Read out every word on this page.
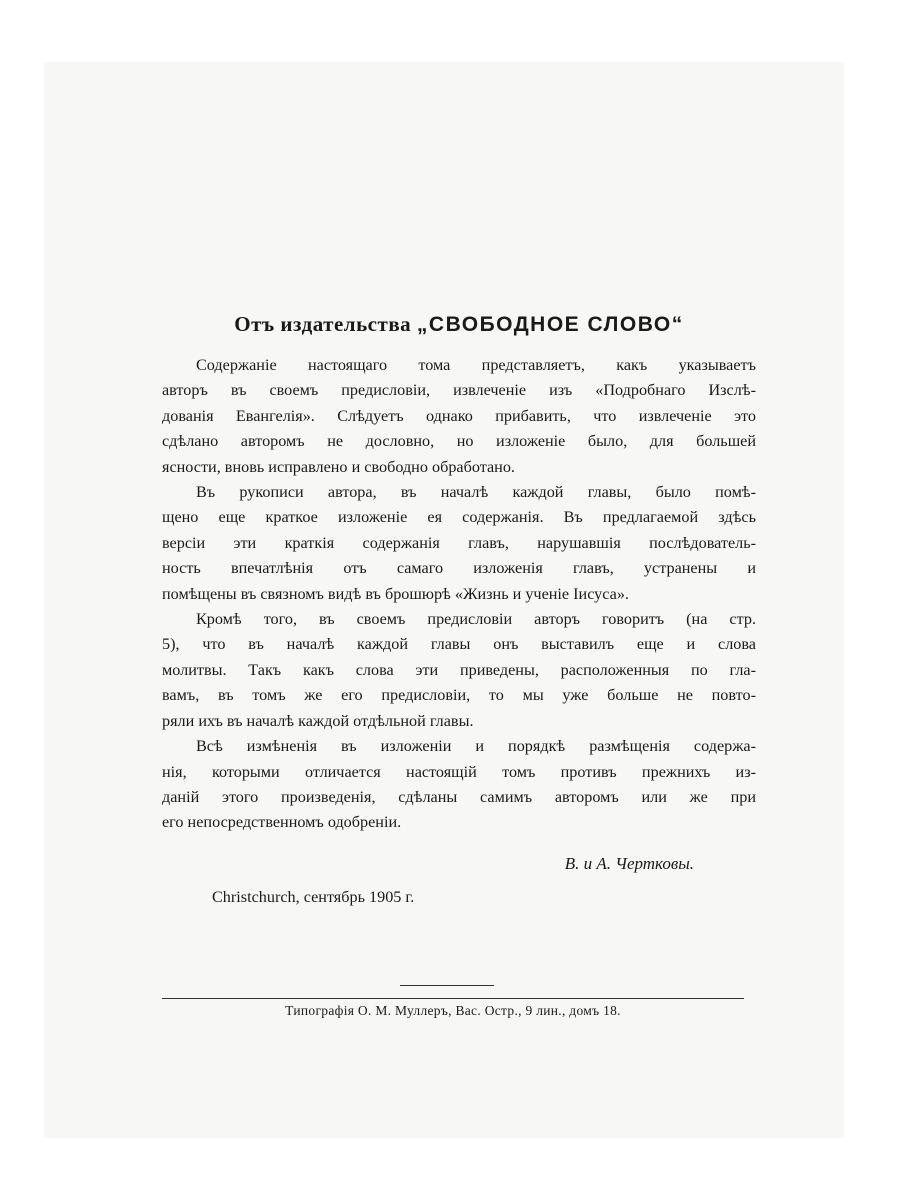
Отъ издательства „СВОБОДНОЕ СЛОВО“

Содержаніе настоящаго тома представляетъ, какъ указываетъ
авторъ въ своемъ предисловіи, извлеченіе изъ «Подробнаго Изслѣ-
дованія Евангелія». Слѣдуетъ однако прибавить, что извлеченіе это
сдѣлано авторомъ не дословно, но изложеніе было, для большей
ясности, вновь исправлено и свободно обработано.

Въ рукописи автора, въ началѣ каждой главы, было помѣ-
щено еще краткое изложеніе ея содержанія. Въ предлагаемой здѣсь
версіи эти краткія содержанія главъ, нарушавшія послѣдователь-
ность впечатлѣнія отъ самаго изложенія главъ, устранены и
помѣщены въ связномъ видѣ въ брошюрѣ «Жизнь и ученіе Іисуса».

Кромѣ того, въ своемъ предисловіи авторъ говоритъ (на стр.
5), что въ началѣ каждой главы онъ выставилъ еще и слова
молитвы. Такъ какъ слова эти приведены, расположенныя по гла-
вамъ, въ томъ же его предисловіи, то мы уже больше не повто-
ряли ихъ въ началѣ каждой отдѣльной главы.

Всѣ измѣненія въ изложеніи и порядкѣ размѣщенія содержа-
нія, которыми отличается настоящій томъ противъ прежнихъ из-
даній этого произведенія, сдѣланы самимъ авторомъ или же при
его непосредственномъ одобреніи.

В. и А. Чертковы.
Christchurch, сентябрь 1905 г.
Типографія О. М. Муллеръ, Вас. Остр., 9 лин., домъ 18.
